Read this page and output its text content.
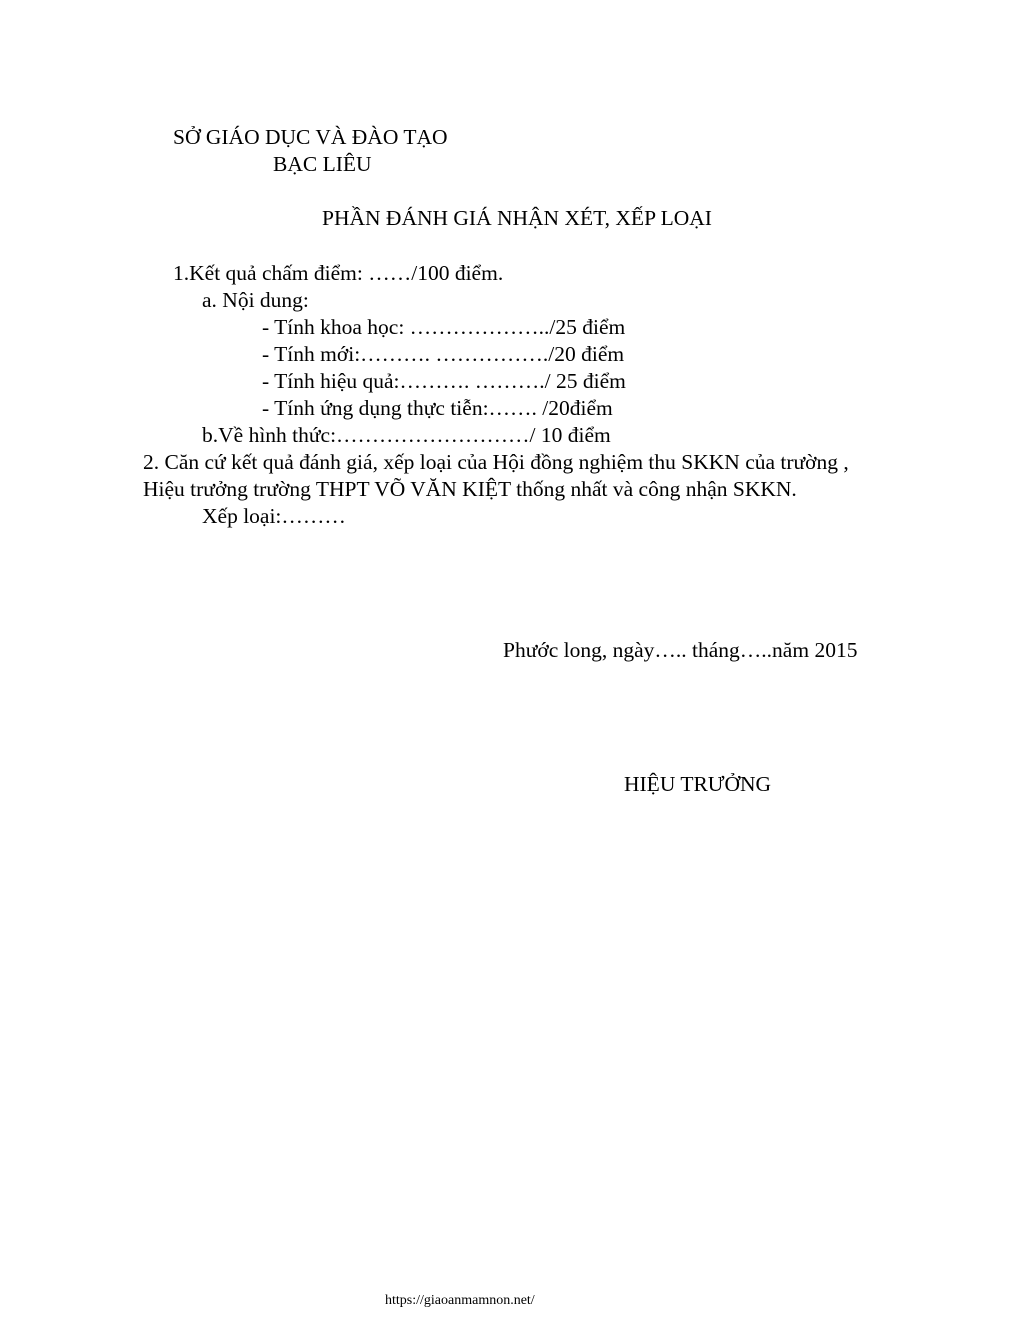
SỞ GIÁO DỤC VÀ ĐÀO TẠO
BẠC LIÊU
PHẦN ĐÁNH GIÁ NHẬN XÉT, XẾP LOẠI
1.Kết quả chấm điểm: ……/100 điểm.
a. Nội dung:
- Tính khoa học: ………………../25 điểm
- Tính mới:………. ……………./20 điểm
- Tính hiệu quả:………. ………./ 25 điểm
- Tính ứng dụng thực tiễn:……. /20điểm
b.Về hình thức:………………………/ 10 điểm
2. Căn cứ kết quả đánh giá, xếp loại của Hội đồng nghiệm thu SKKN của trường ,
Hiệu trưởng trường THPT VÕ VĂN KIỆT thống nhất và công nhận SKKN.
Xếp loại:………
Phước long, ngày….. tháng…..năm 2015
HIỆU TRƯỞNG
https://giaoanmamnon.net/
